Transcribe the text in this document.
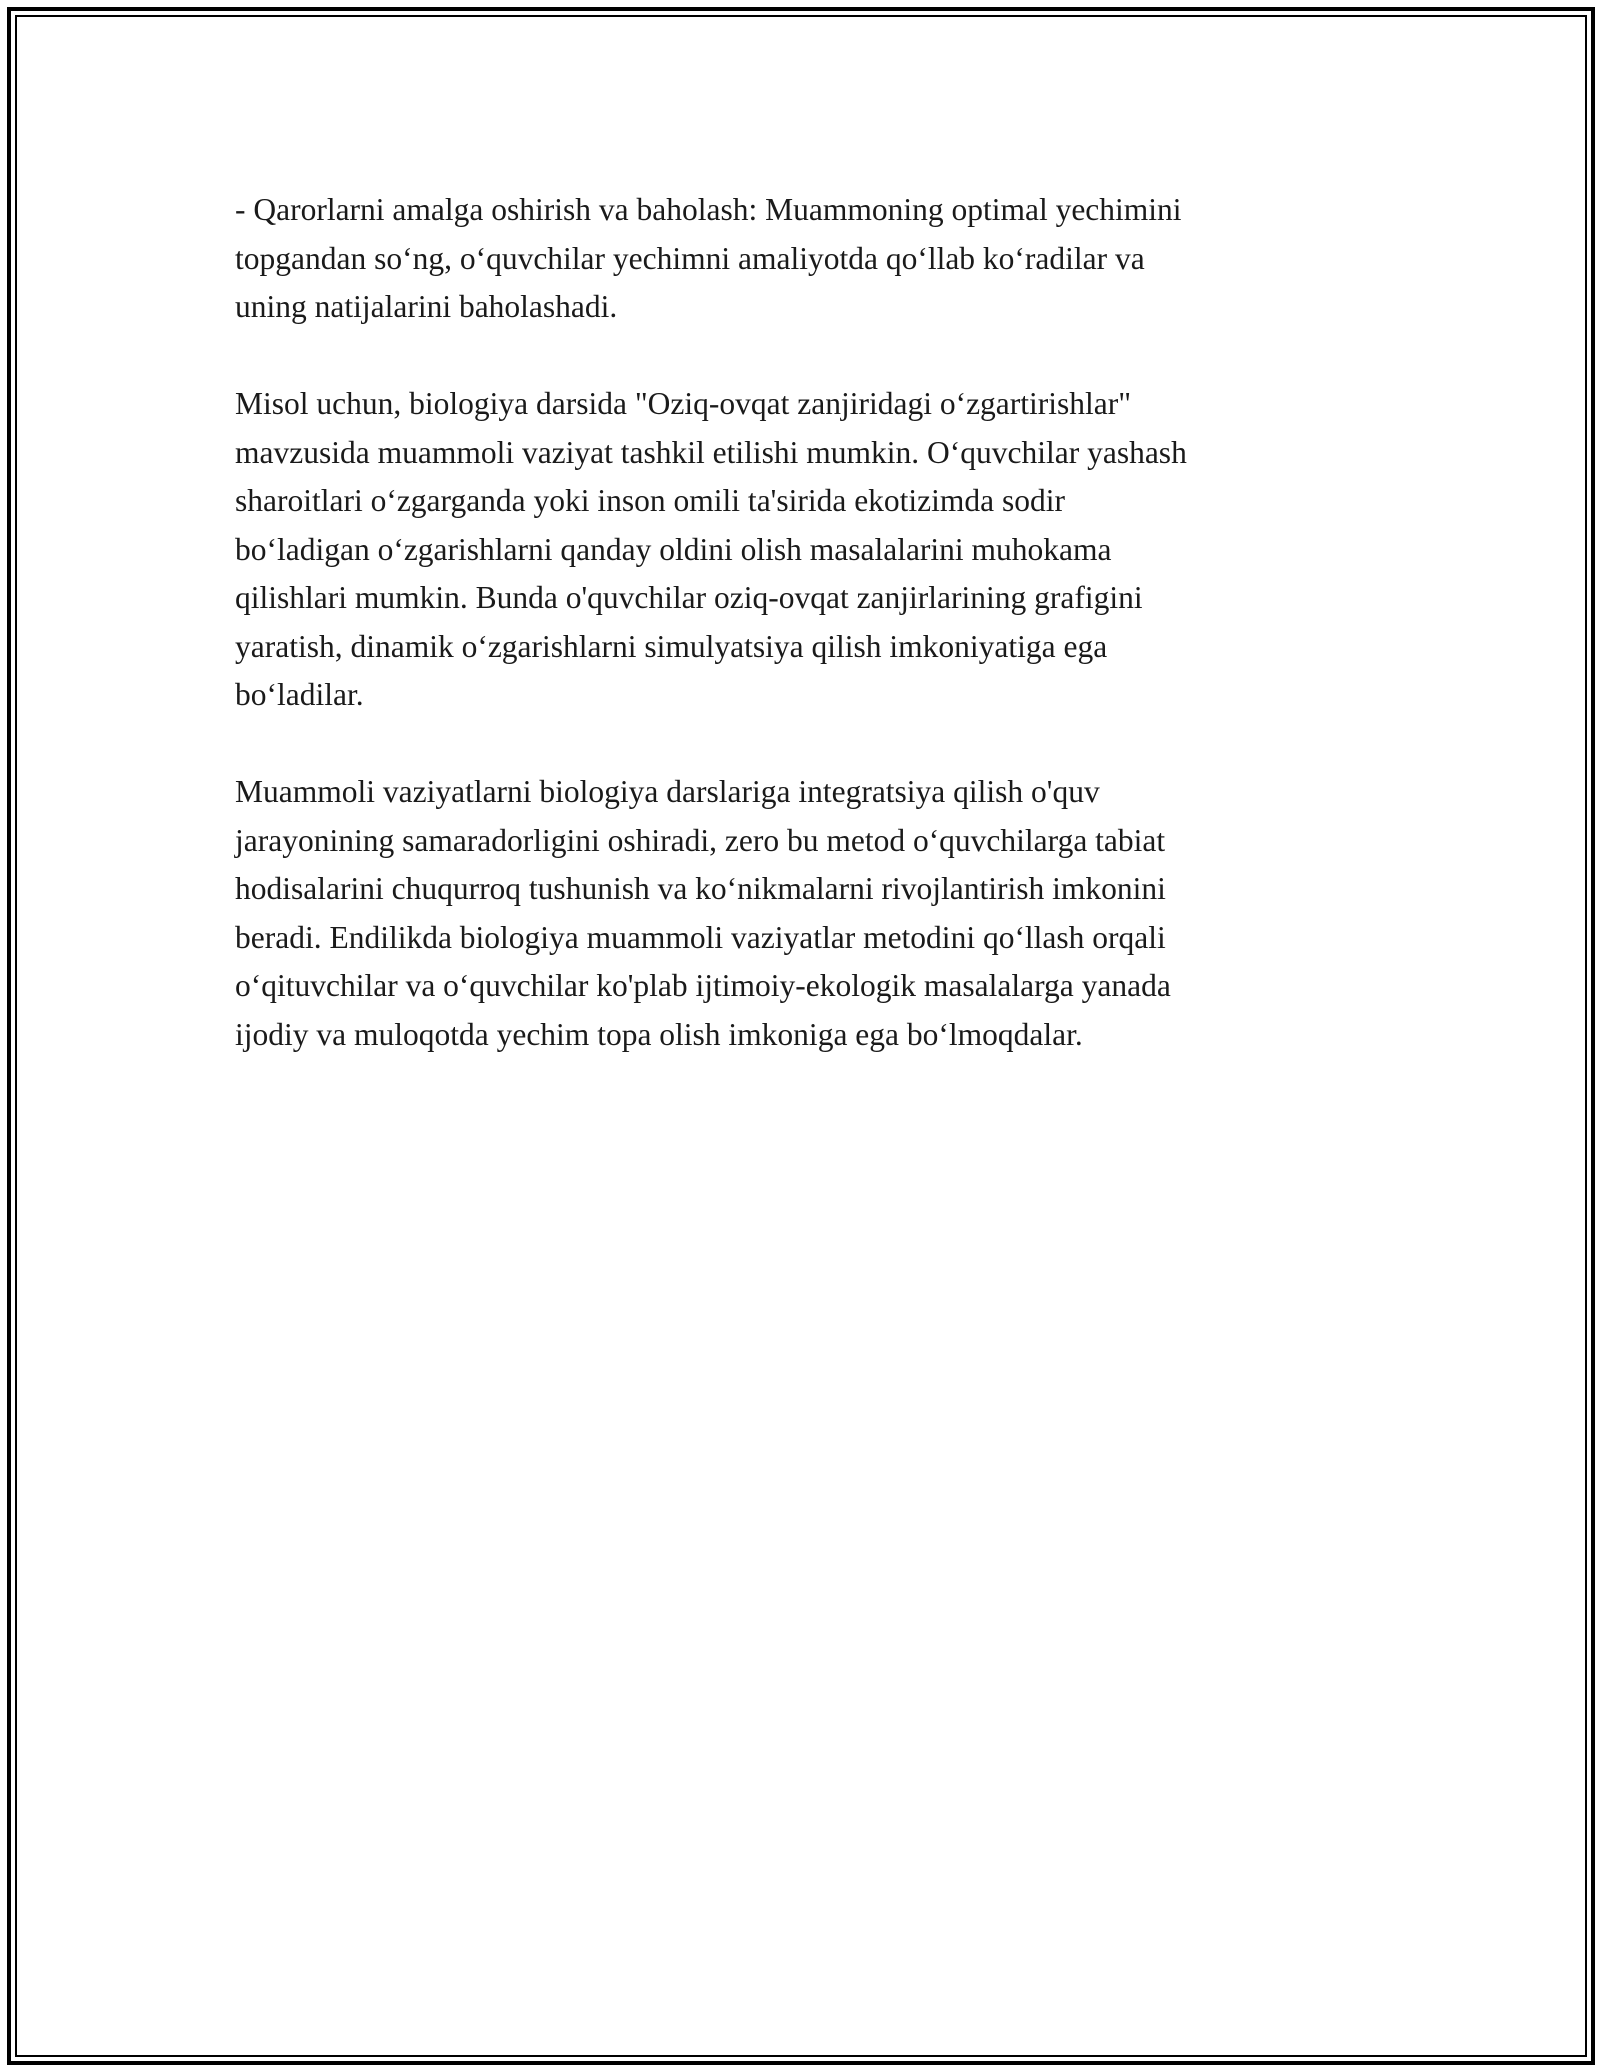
- Qarorlarni amalga oshirish va baholash: Muammoning optimal yechimini
topgandan so‘ng, o‘quvchilar yechimni amaliyotda qo‘llab ko‘radilar va
uning natijalarini baholashadi.

Misol uchun, biologiya darsida "Oziq-ovqat zanjiridagi o‘zgartirishlar"
mavzusida muammoli vaziyat tashkil etilishi mumkin. O‘quvchilar yashash
sharoitlari o‘zgarganda yoki inson omili ta'sirida ekotizimda sodir
bo‘ladigan o‘zgarishlarni qanday oldini olish masalalarini muhokama
qilishlari mumkin. Bunda o'quvchilar oziq-ovqat zanjirlarining grafigini
yaratish, dinamik o‘zgarishlarni simulyatsiya qilish imkoniyatiga ega
bo‘ladilar.

Muammoli vaziyatlarni biologiya darslariga integratsiya qilish o'quv
jarayonining samaradorligini oshiradi, zero bu metod o‘quvchilarga tabiat
hodisalarini chuqurroq tushunish va ko‘nikmalarni rivojlantirish imkonini
beradi. Endilikda biologiya muammoli vaziyatlar metodini qo‘llash orqali
o‘qituvchilar va o‘quvchilar ko'plab ijtimoiy-ekologik masalalarga yanada
ijodiy va muloqotda yechim topa olish imkoniga ega bo‘lmoqdalar.
